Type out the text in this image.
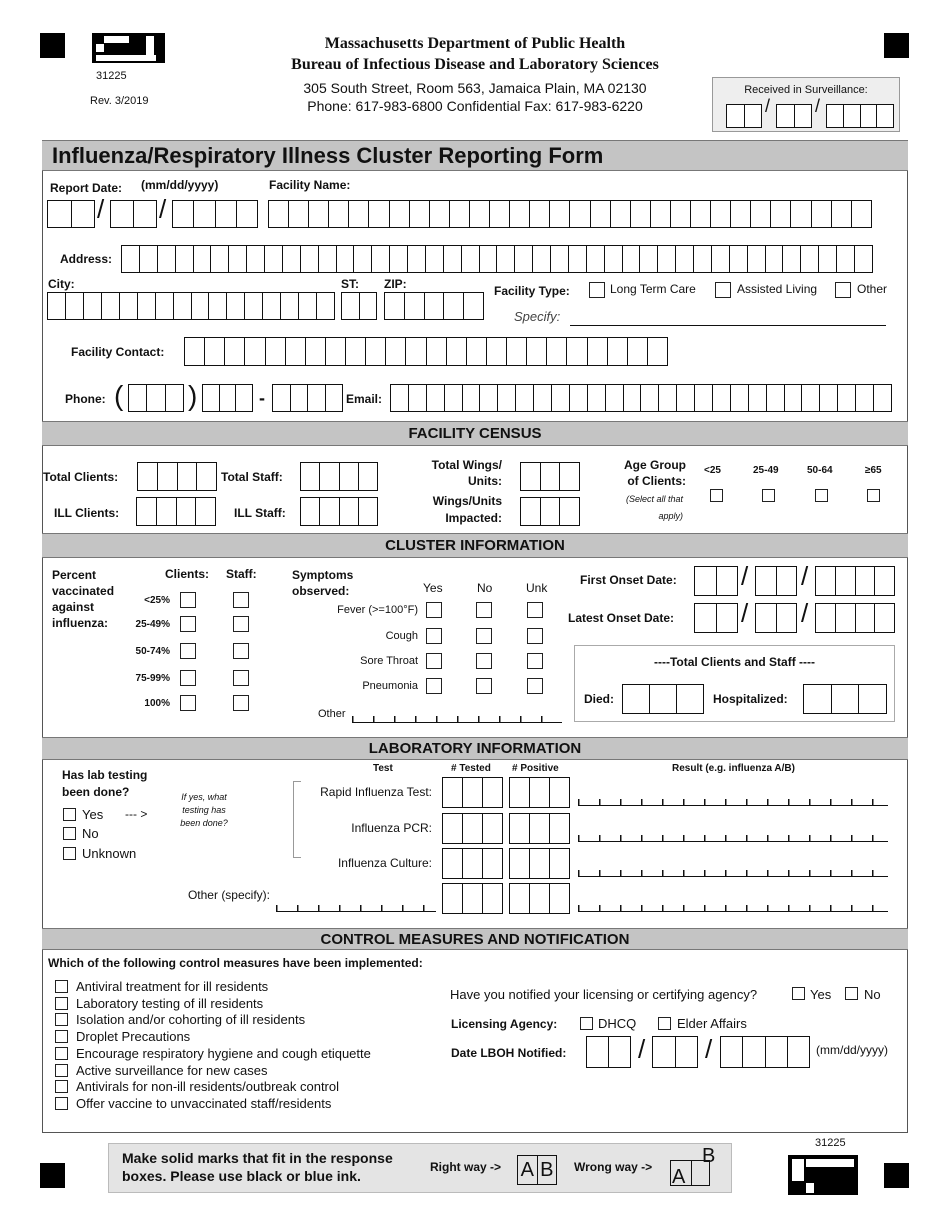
31225
Rev. 3/2019
Massachusetts Department of Public Health
Bureau of Infectious Disease and Laboratory Sciences
305 South Street, Room 563, Jamaica Plain, MA 02130
Phone: 617-983-6800 Confidential Fax: 617-983-6220
Received in Surveillance:
/ /
Influenza/Respiratory Illness Cluster Reporting Form
Report Date: (mm/dd/yyyy)
/ /
Facility Name:
Address:
City:	ST: ZIP:	Facility Type:	Long Term Care	Assisted Living	Other
Specify:
Facility Contact:
Phone: ( )	-	Email:
FACILITY CENSUS
Total Clients:	Total Staff:
ILL Clients:	ILL Staff:
Total Wings/
Units:
Wings/Units
Impacted:
Age Group
of Clients:
(Select all that
apply)
<25	25-49	50-64	≥65
CLUSTER INFORMATION
Percent
vaccinated
against
influenza:
Clients: Staff:
<25%
25-49%
50-74%
75-99%
100%
Symptoms
observed:	Yes	No	Unk
Fever (>=100°F)
Cough
Sore Throat
Pneumonia
Other
First Onset Date: / /
Latest Onset Date:	/ /
----Total Clients and Staff ----
Died:	Hospitalized:
LABORATORY INFORMATION
Has lab testing
been done?
Yes --- >
No
Unknown
If yes, what
testing has
been done?
Test	# Tested # Positive	Result (e.g. influenza A/B)
Rapid Influenza Test:
Influenza PCR:
Influenza Culture:
Other (specify):
CONTROL MEASURES AND NOTIFICATION
Which of the following control measures have been implemented:
Antiviral treatment for ill residents
Laboratory testing of ill residents
Isolation and/or cohorting of ill residents
Droplet Precautions
Encourage respiratory hygiene and cough etiquette
Active surveillance for new cases
Antivirals for non-ill residents/outbreak control
Offer vaccine to unvaccinated staff/residents
Have you notified your licensing or certifying agency?	Yes	No
Licensing Agency:	DHCQ	Elder Affairs
Date LBOH Notified:	/ /	(mm/dd/yyyy)
31225
Make solid marks that fit in the response
boxes. Please use black or blue ink.
Right way -> A B Wrong way -> A
B
